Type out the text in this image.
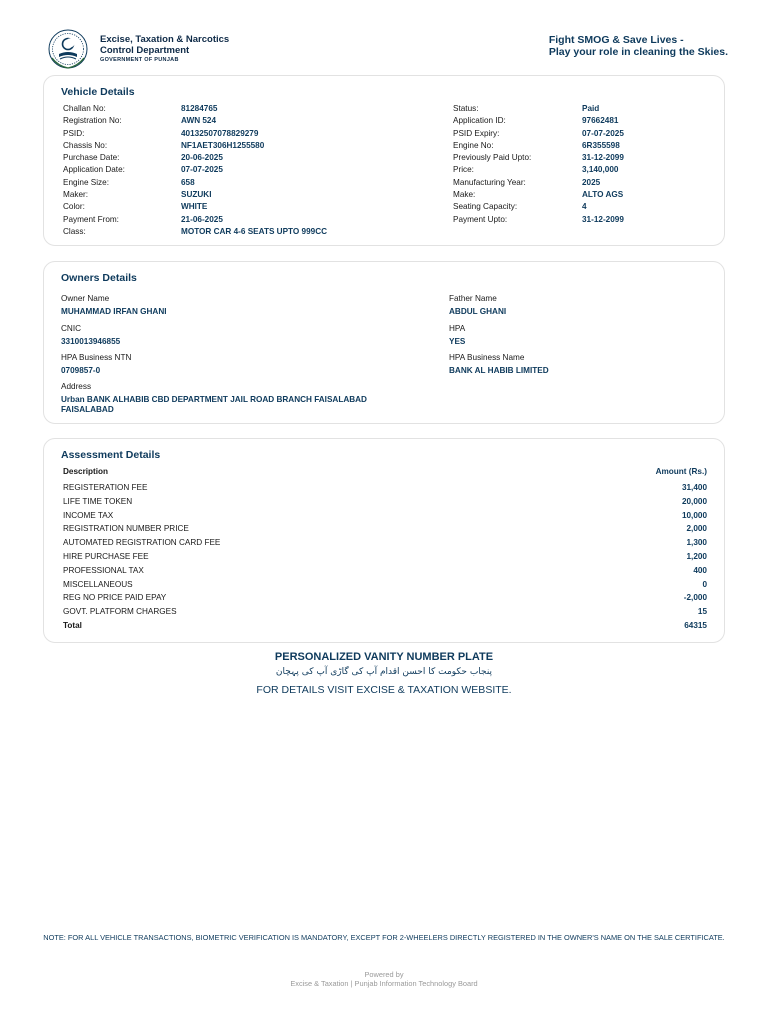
Excise, Taxation & Narcotics
Control Department
GOVERNMENT OF PUNJAB
Fight SMOG & Save Lives -
Play your role in cleaning the Skies.
Vehicle Details
Challan No:	81284765
Registration No:	AWN 524
PSID:	40132507078829279
Chassis No:	NF1AET306H1255580
Purchase Date:	20-06-2025
Application Date:	07-07-2025
Engine Size:	658
Maker:	SUZUKI
Color:	WHITE
Payment From:	21-06-2025
Class:	MOTOR CAR 4-6 SEATS UPTO 999CC
Status:	Paid
Application ID:	97662481
PSID Expiry:	07-07-2025
Engine No:	6R355598
Previously Paid Upto:	31-12-2099
Price:	3,140,000
Manufacturing Year:	2025
Make:	ALTO AGS
Seating Capacity:	4
Payment Upto:	31-12-2099
Owners Details
Owner Name
MUHAMMAD IRFAN GHANI
Father Name
ABDUL GHANI
CNIC
3310013946855
HPA
YES
HPA Business NTN
0709857-0
HPA Business Name
BANK AL HABIB LIMITED
Address
Urban BANK ALHABIB CBD DEPARTMENT JAIL ROAD BRANCH FAISALABAD
FAISALABAD
Assessment Details
Description	Amount (Rs.)
REGISTERATION FEE	31,400
LIFE TIME TOKEN	20,000
INCOME TAX	10,000
REGISTRATION NUMBER PRICE	2,000
AUTOMATED REGISTRATION CARD FEE	1,300
HIRE PURCHASE FEE	1,200
PROFESSIONAL TAX	400
MISCELLANEOUS	0
REG NO PRICE PAID EPAY	-2,000
GOVT. PLATFORM CHARGES	15
Total	64315
PERSONALIZED VANITY NUMBER PLATE
پنجاب حکومت کا احسن اقدام آپ کی گاڑی آپ کی پہچان
FOR DETAILS VISIT EXCISE & TAXATION WEBSITE.
NOTE: FOR ALL VEHICLE TRANSACTIONS, BIOMETRIC VERIFICATION IS MANDATORY, EXCEPT FOR 2-WHEELERS DIRECTLY REGISTERED IN THE OWNER'S NAME ON THE SALE CERTIFICATE.
Powered by
Excise & Taxation | Punjab Information Technology Board
